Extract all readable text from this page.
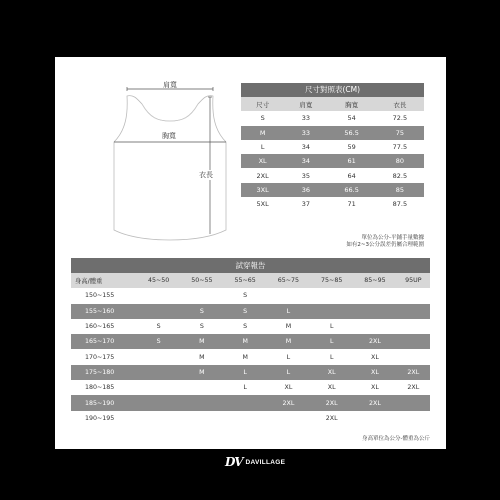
肩寬
胸寬
衣長
尺寸對照表(CM)
尺寸	肩寬	胸寬	衣長
S	33	54	72.5
M	33	56.5	75
L	34	59	77.5
XL	34	61	80
2XL	35	64	82.5
3XL	36	66.5	85
5XL	37	71	87.5
單位為公分-平鋪手量數據
如有2~3公分誤差仍屬合理範圍
試穿報告
身高/體重	45~50	50~55	55~65	65~75	75~85	85~95	95UP
150~155			S				
155~160		S	S	L			
160~165	S	S	S	M	L		
165~170	S	M	M	M	L	2XL	
170~175		M	M	L	L	XL	
175~180		M	L	L	XL	XL	2XL
180~185			L	XL	XL	XL	2XL
185~190				2XL	2XL	2XL	
190~195					2XL		
身高單位為公分-體重為公斤
DV DAVILLAGE
